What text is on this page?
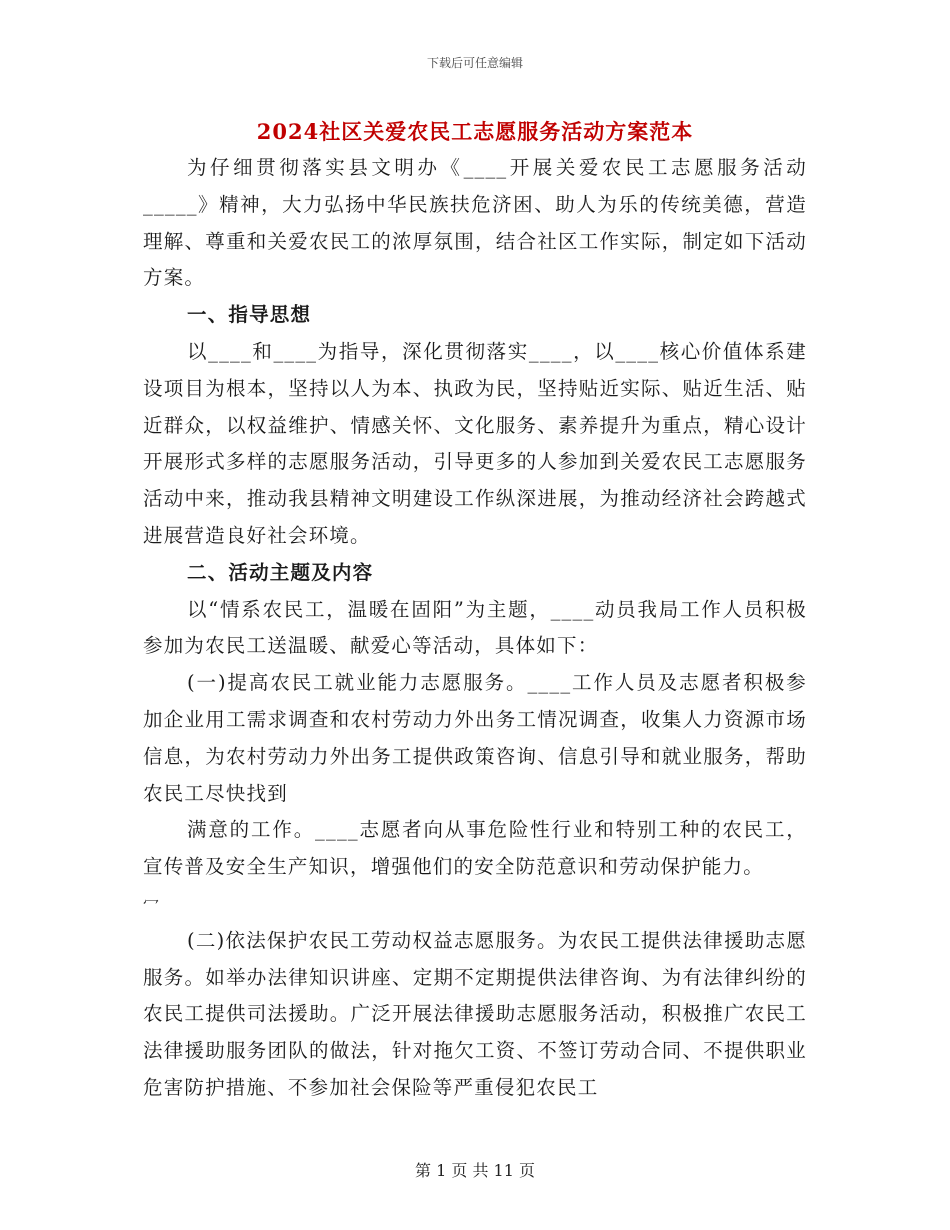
下载后可任意编辑
2024社区关爱农民工志愿服务活动方案范本

为仔细贯彻落实县文明办《____开展关爱农民工志愿服务活动_____》精神，大力弘扬中华民族扶危济困、助人为乐的传统美德，营造理解、尊重和关爱农民工的浓厚氛围，结合社区工作实际，制定如下活动方案。

一、指导思想

以____和____为指导，深化贯彻落实____，以____核心价值体系建设项目为根本，坚持以人为本、执政为民，坚持贴近实际、贴近生活、贴近群众，以权益维护、情感关怀、文化服务、素养提升为重点，精心设计开展形式多样的志愿服务活动，引导更多的人参加到关爱农民工志愿服务活动中来，推动我县精神文明建设工作纵深进展，为推动经济社会跨越式进展营造良好社会环境。

二、活动主题及内容

以“情系农民工，温暖在固阳”为主题，____动员我局工作人员积极参加为农民工送温暖、献爱心等活动，具体如下：

(一)提高农民工就业能力志愿服务。____工作人员及志愿者积极参加企业用工需求调查和农村劳动力外出务工情况调查，收集人力资源市场信息，为农村劳动力外出务工提供政策咨询、信息引导和就业服务，帮助农民工尽快找到

满意的工作。____志愿者向从事危险性行业和特别工种的农民工，宣传普及安全生产知识，增强他们的安全防范意识和劳动保护能力。

冖

(二)依法保护农民工劳动权益志愿服务。为农民工提供法律援助志愿服务。如举办法律知识讲座、定期不定期提供法律咨询、为有法律纠纷的农民工提供司法援助。广泛开展法律援助志愿服务活动，积极推广农民工法律援助服务团队的做法，针对拖欠工资、不签订劳动合同、不提供职业危害防护措施、不参加社会保险等严重侵犯农民工

第 1 页 共 11 页
